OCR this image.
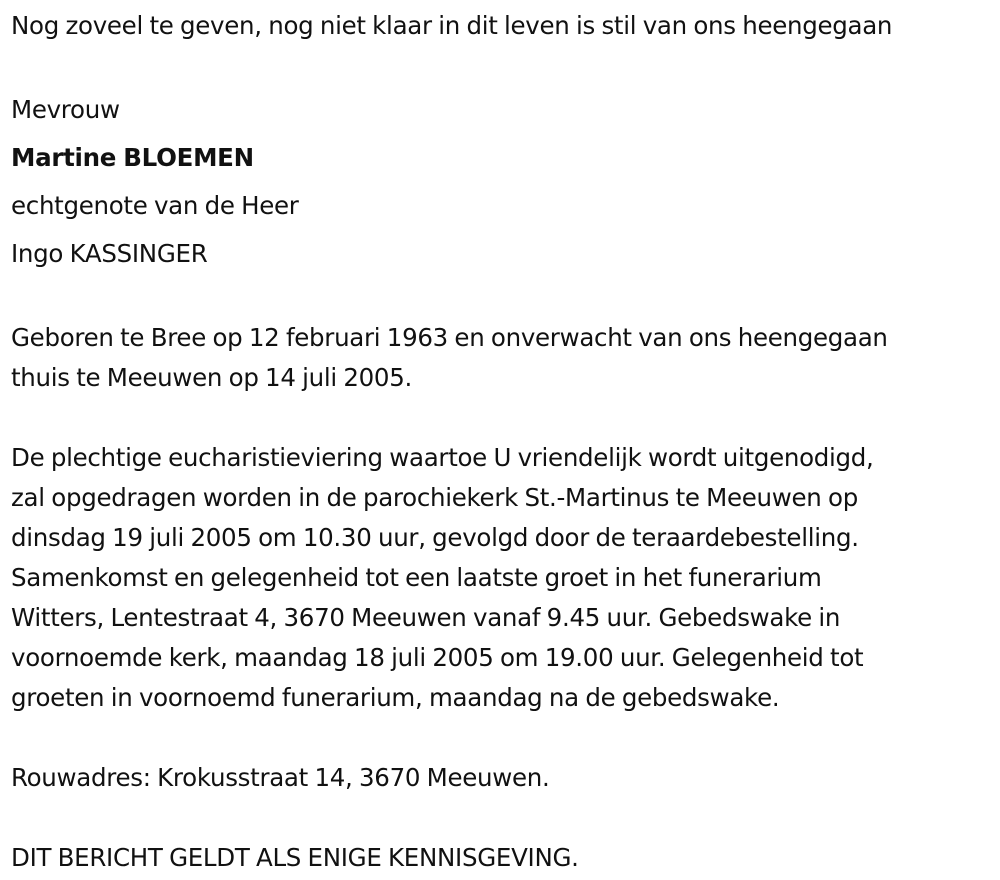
Nog zoveel te geven, nog niet klaar in dit leven is stil van ons heengegaan
Mevrouw
Martine BLOEMEN
echtgenote van de Heer
Ingo KASSINGER
Geboren te Bree op 12 februari 1963 en onverwacht van ons heengegaan
thuis te Meeuwen op 14 juli 2005.
De plechtige eucharistieviering waartoe U vriendelijk wordt uitgenodigd,
zal opgedragen worden in de parochiekerk St.-Martinus te Meeuwen op
dinsdag 19 juli 2005 om 10.30 uur, gevolgd door de teraardebestelling.
Samenkomst en gelegenheid tot een laatste groet in het funerarium
Witters, Lentestraat 4, 3670 Meeuwen vanaf 9.45 uur. Gebedswake in
voornoemde kerk, maandag 18 juli 2005 om 19.00 uur. Gelegenheid tot
groeten in voornoemd funerarium, maandag na de gebedswake.
Rouwadres: Krokusstraat 14, 3670 Meeuwen.
DIT BERICHT GELDT ALS ENIGE KENNISGEVING.
